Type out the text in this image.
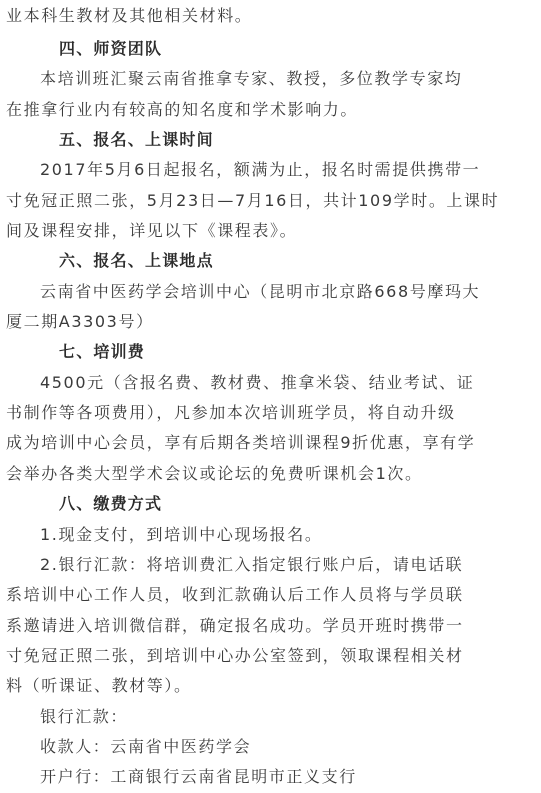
业本科生教材及其他相关材料。
四、师资团队
本培训班汇聚云南省推拿专家、教授，多位教学专家均
在推拿行业内有较高的知名度和学术影响力。
五、报名、上课时间
2017年5月6日起报名，额满为止，报名时需提供携带一
寸免冠正照二张，5月23日—7月16日，共计109学时。上课时
间及课程安排，详见以下《课程表》。
六、报名、上课地点
云南省中医药学会培训中心（昆明市北京路668号摩玛大
厦二期A3303号）
七、培训费
4500元（含报名费、教材费、推拿米袋、结业考试、证
书制作等各项费用），凡参加本次培训班学员，将自动升级
成为培训中心会员，享有后期各类培训课程9折优惠，享有学
会举办各类大型学术会议或论坛的免费听课机会1次。
八、缴费方式
1.现金支付，到培训中心现场报名。
2.银行汇款：将培训费汇入指定银行账户后，请电话联
系培训中心工作人员，收到汇款确认后工作人员将与学员联
系邀请进入培训微信群，确定报名成功。学员开班时携带一
寸免冠正照二张，到培训中心办公室签到，领取课程相关材
料（听课证、教材等）。
银行汇款：
收款人：云南省中医药学会
开户行：工商银行云南省昆明市正义支行
